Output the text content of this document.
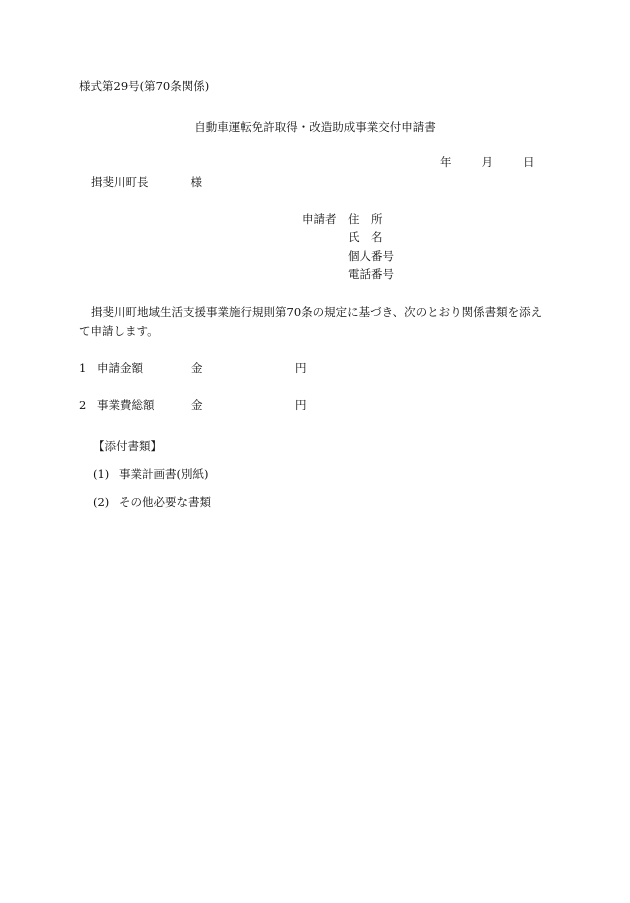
様式第29号(第70条関係)
自動車運転免許取得・改造助成事業交付申請書
年	月	日
揖斐川町長	様
申請者 住　所
氏　名
個人番号
電話番号
揖斐川町地域生活支援事業施行規則第70条の規定に基づき、次のとおり関係書類を添えて申請します。
1 申請金額	金	円
2 事業費総額	金	円
【添付書類】
(1) 事業計画書(別紙)
(2) その他必要な書類
